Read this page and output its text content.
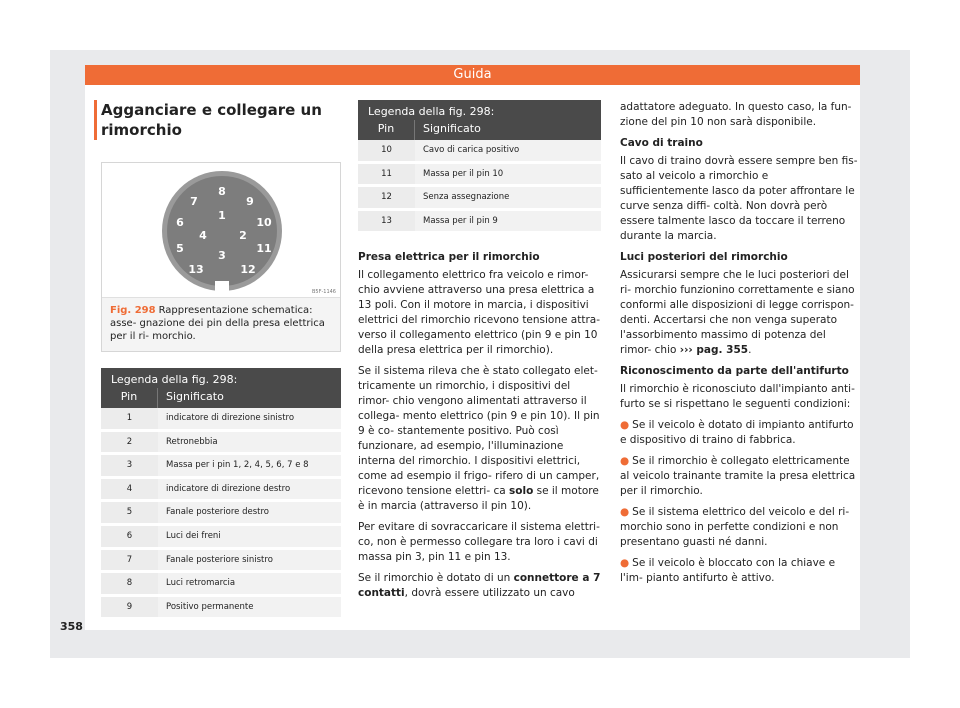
Guida
Agganciare e collegare un rimorchio
1
2
3
4
5
6
7
8
9
10
11
12
13
B5F-1146
Fig. 298 Rappresentazione schematica: asse- gnazione dei pin della presa elettrica per il ri- morchio.
Legenda della fig. 298:
Pin	Significato
1	indicatore di direzione sinistro
2	Retronebbia
3	Massa per i pin 1, 2, 4, 5, 6, 7 e 8
4	indicatore di direzione destro
5	Fanale posteriore destro
6	Luci dei freni
7	Fanale posteriore sinistro
8	Luci retromarcia
9	Positivo permanente
Legenda della fig. 298:
Pin	Significato
10	Cavo di carica positivo
11	Massa per il pin 10
12	Senza assegnazione
13	Massa per il pin 9
Presa elettrica per il rimorchio

Il collegamento elettrico fra veicolo e rimor- chio avviene attraverso una presa elettrica a 13 poli. Con il motore in marcia, i dispositivi elettrici del rimorchio ricevono tensione attra- verso il collegamento elettrico (pin 9 e pin 10 della presa elettrica per il rimorchio).

Se il sistema rileva che è stato collegato elet- tricamente un rimorchio, i dispositivi del rimor- chio vengono alimentati attraverso il collega- mento elettrico (pin 9 e pin 10). Il pin 9 è co- stantemente positivo. Può così funzionare, ad esempio, l'illuminazione interna del rimorchio. I dispositivi elettrici, come ad esempio il frigo- rifero di un camper, ricevono tensione elettri- ca solo se il motore è in marcia (attraverso il pin 10).

Per evitare di sovraccaricare il sistema elettri- co, non è permesso collegare tra loro i cavi di massa pin 3, pin 11 e pin 13.

Se il rimorchio è dotato di un connettore a 7 contatti, dovrà essere utilizzato un cavo

adattatore adeguato. In questo caso, la fun- zione del pin 10 non sarà disponibile.

Cavo di traino

Il cavo di traino dovrà essere sempre ben fis- sato al veicolo a rimorchio e sufficientemente lasco da poter affrontare le curve senza diffi- coltà. Non dovrà però essere talmente lasco da toccare il terreno durante la marcia.

Luci posteriori del rimorchio

Assicurarsi sempre che le luci posteriori del ri- morchio funzionino correttamente e siano conformi alle disposizioni di legge corrispon- denti. Accertarsi che non venga superato l'assorbimento massimo di potenza del rimor- chio ››› pag. 355.

Riconoscimento da parte dell'antifurto

Il rimorchio è riconosciuto dall'impianto anti- furto se si rispettano le seguenti condizioni:

● Se il veicolo è dotato di impianto antifurto e dispositivo di traino di fabbrica.

● Se il rimorchio è collegato elettricamente al veicolo trainante tramite la presa elettrica per il rimorchio.

● Se il sistema elettrico del veicolo e del ri- morchio sono in perfette condizioni e non presentano guasti né danni.

● Se il veicolo è bloccato con la chiave e l'im- pianto antifurto è attivo.

358
